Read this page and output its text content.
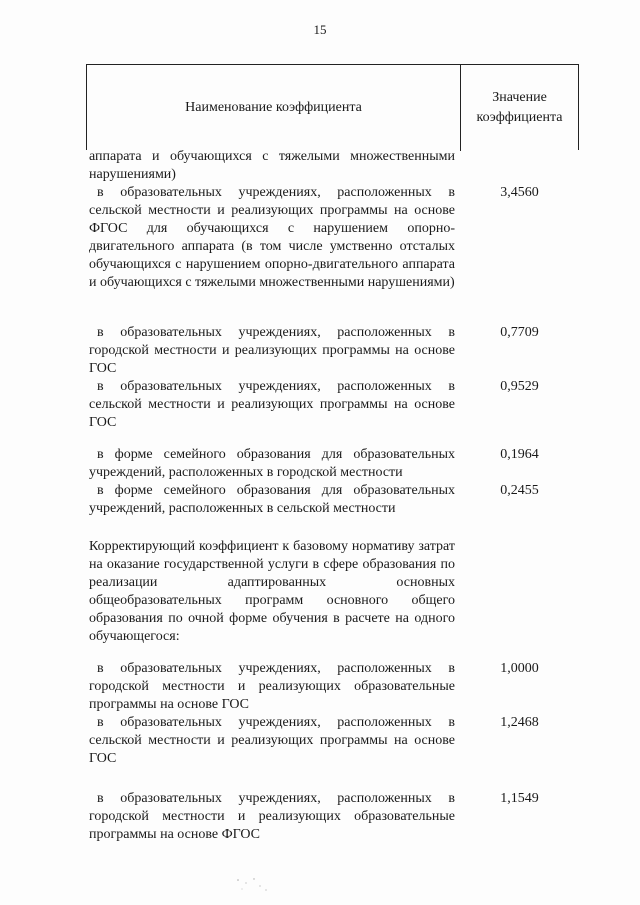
15
Наименование коэффициента
Значение
коэффициента
аппарата и обучающихся с тяжелыми множественными нарушениями)
в образовательных учреждениях, расположенных в сельской местности и реализующих программы на основе ФГОС для обучающихся с нарушением опорно-двигательного аппарата (в том числе умственно отсталых обучающихся с нарушением опорно-двигательного аппарата и обучающихся с тяжелыми множественными нарушениями)
3,4560
в образовательных учреждениях, расположенных в городской местности и реализующих программы на основе ГОС
0,7709
в образовательных учреждениях, расположенных в сельской местности и реализующих программы на основе ГОС
0,9529
в форме семейного образования для образовательных учреждений, расположенных в городской местности
0,1964
в форме семейного образования для образовательных учреждений, расположенных в сельской местности
0,2455
Корректирующий коэффициент к базовому нормативу затрат на оказание государственной услуги в сфере образования по реализации адаптированных основных общеобразовательных программ основного общего образования по очной форме обучения в расчете на одного обучающегося:
в образовательных учреждениях, расположенных в городской местности и реализующих образовательные программы на основе ГОС
1,0000
в образовательных учреждениях, расположенных в сельской местности и реализующих программы на основе ГОС
1,2468
в образовательных учреждениях, расположенных в городской местности и реализующих образовательные программы на основе ФГОС
1,1549
